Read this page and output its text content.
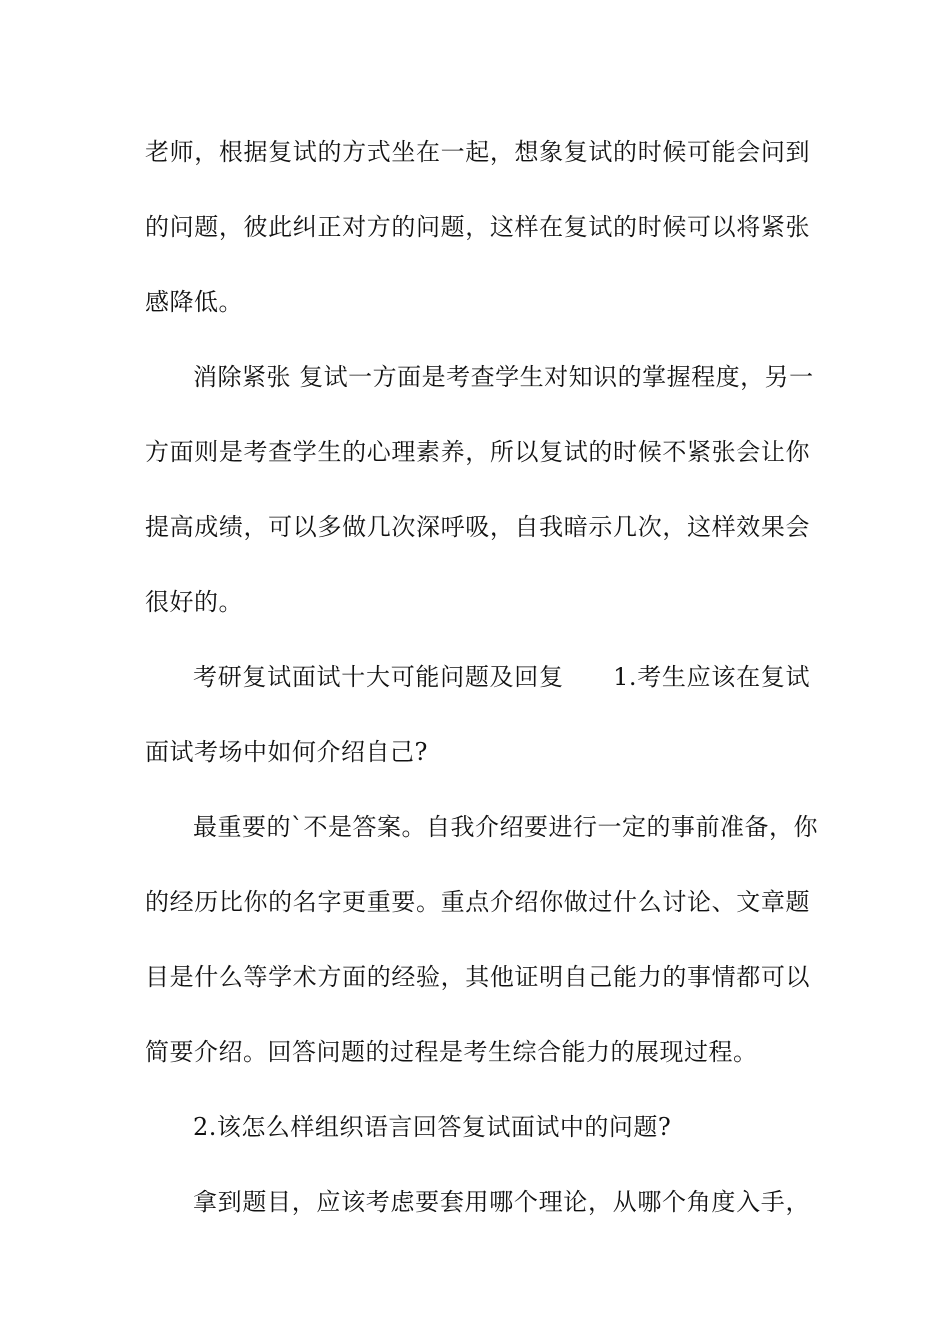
老师，根据复试的方式坐在一起，想象复试的时候可能会问到
的问题，彼此纠正对方的问题，这样在复试的时候可以将紧张
感降低。
消除紧张 复试一方面是考查学生对知识的掌握程度，另一
方面则是考查学生的心理素养，所以复试的时候不紧张会让你
提高成绩，可以多做几次深呼吸，自我暗示几次，这样效果会
很好的。
考研复试面试十大可能问题及回复　　1.考生应该在复试
面试考场中如何介绍自己?
最重要的`不是答案。自我介绍要进行一定的事前准备，你
的经历比你的名字更重要。重点介绍你做过什么讨论、文章题
目是什么等学术方面的经验，其他证明自己能力的事情都可以
简要介绍。回答问题的过程是考生综合能力的展现过程。
2.该怎么样组织语言回答复试面试中的问题?
拿到题目，应该考虑要套用哪个理论，从哪个角度入手，
